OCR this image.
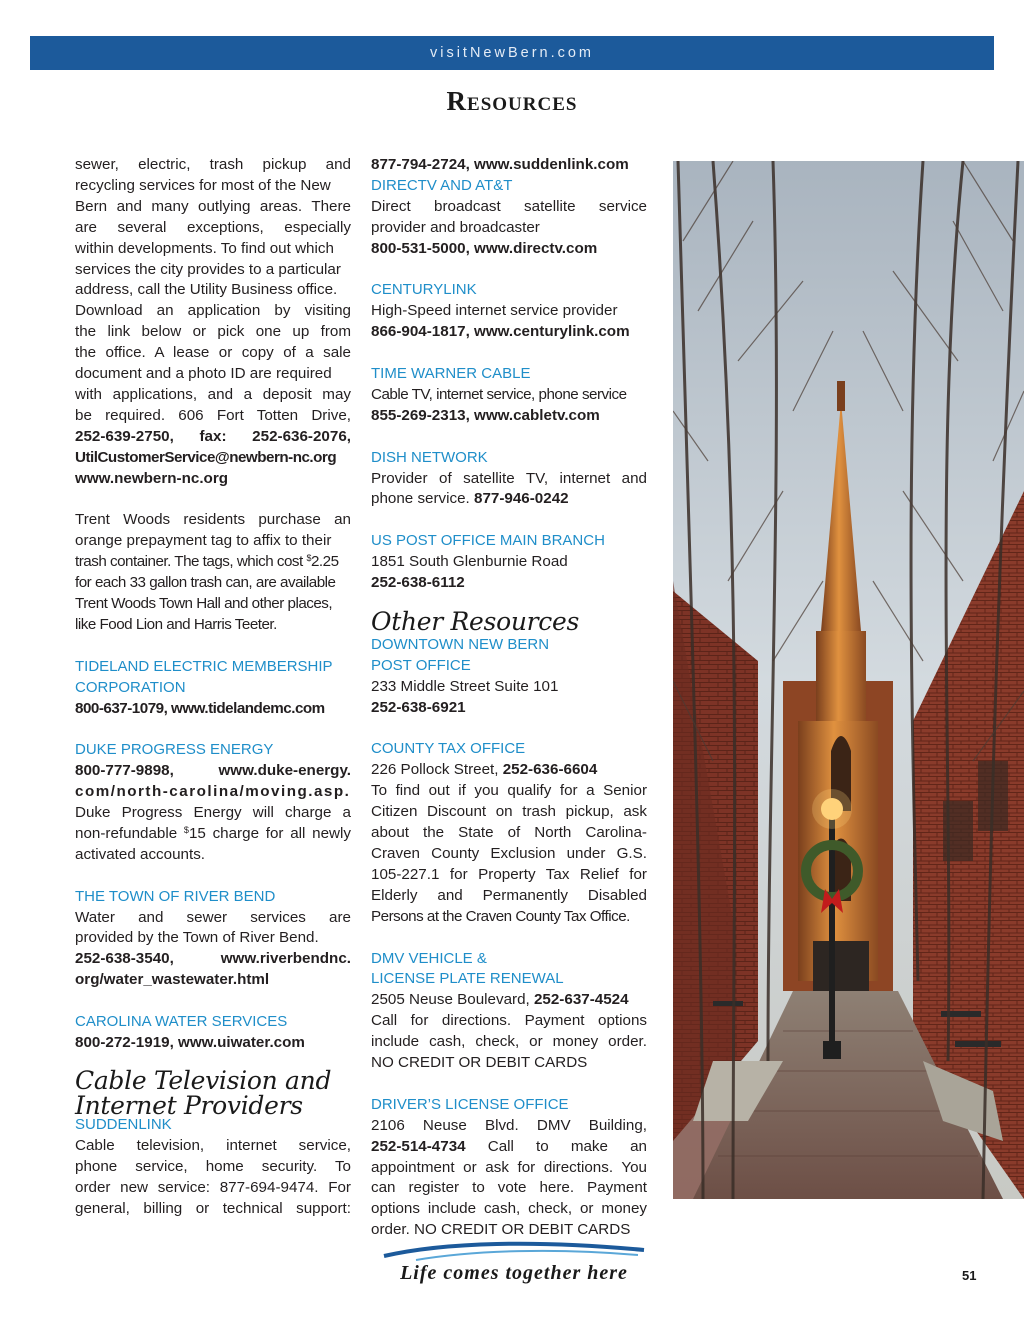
visitNewBern.com
Resources

sewer, electric, trash pickup and

recycling services for most of the New

Bern and many outlying areas. There

are several exceptions, especially

within developments. To find out which

services the city provides to a particular

address, call the Utility Business office.

Download an application by visiting

the link below or pick one up from

the office. A lease or copy of a sale

document and a photo ID are required

with applications, and a deposit may

be required. 606 Fort Totten Drive,

252-639-2750, fax: 252-636-2076,

UtilCustomerService@newbern-nc.org

www.newbern-nc.org

Trent Woods residents purchase an

orange prepayment tag to affix to their

trash container. The tags, which cost $2.25

for each 33 gallon trash can, are available

Trent Woods Town Hall and other places,

like Food Lion and Harris Teeter.

TIDELAND ELECTRIC MEMBERSHIP

CORPORATION

800-637-1079, www.tidelandemc.com

DUKE PROGRESS ENERGY

800-777-9898, www.duke-energy.

com/north-carolina/moving.asp.

Duke Progress Energy will charge a

non-refundable $15 charge for all newly

activated accounts.

THE TOWN OF RIVER BEND

Water and sewer services are

provided by the Town of River Bend.

252-638-3540, www.riverbendnc.

org/water_wastewater.html

CAROLINA WATER SERVICES

800-272-1919, www.uiwater.com

Cable Television and

Internet Providers

SUDDENLINK

Cable television, internet service,

phone service, home security. To

order new service: 877-694-9474. For

general, billing or technical support:

877-794-2724, www.suddenlink.com

DIRECTV AND AT&T

Direct broadcast satellite service

provider and broadcaster

800-531-5000, www.directv.com

CENTURYLINK

High-Speed internet service provider

866-904-1817, www.centurylink.com

TIME WARNER CABLE

Cable TV, internet service, phone service

855-269-2313, www.cabletv.com

DISH NETWORK

Provider of satellite TV, internet and

phone service. 877-946-0242

US POST OFFICE MAIN BRANCH

1851 South Glenburnie Road

252-638-6112

Other Resources

DOWNTOWN NEW BERN

POST OFFICE

233 Middle Street Suite 101

252-638-6921

COUNTY TAX OFFICE

226 Pollock Street, 252-636-6604

To find out if you qualify for a Senior

Citizen Discount on trash pickup, ask

about the State of North Carolina-

Craven County Exclusion under G.S.

105-227.1 for Property Tax Relief for

Elderly and Permanently Disabled

Persons at the Craven County Tax Office.

DMV VEHICLE &

LICENSE PLATE RENEWAL

2505 Neuse Boulevard, 252-637-4524

Call for directions. Payment options

include cash, check, or money order.

NO CREDIT OR DEBIT CARDS

DRIVER’S LICENSE OFFICE

2106 Neuse Blvd. DMV Building,

252-514-4734 Call to make an

appointment or ask for directions. You

can register to vote here. Payment

options include cash, check, or money

order. NO CREDIT OR DEBIT CARDS

Life comes together here	51
